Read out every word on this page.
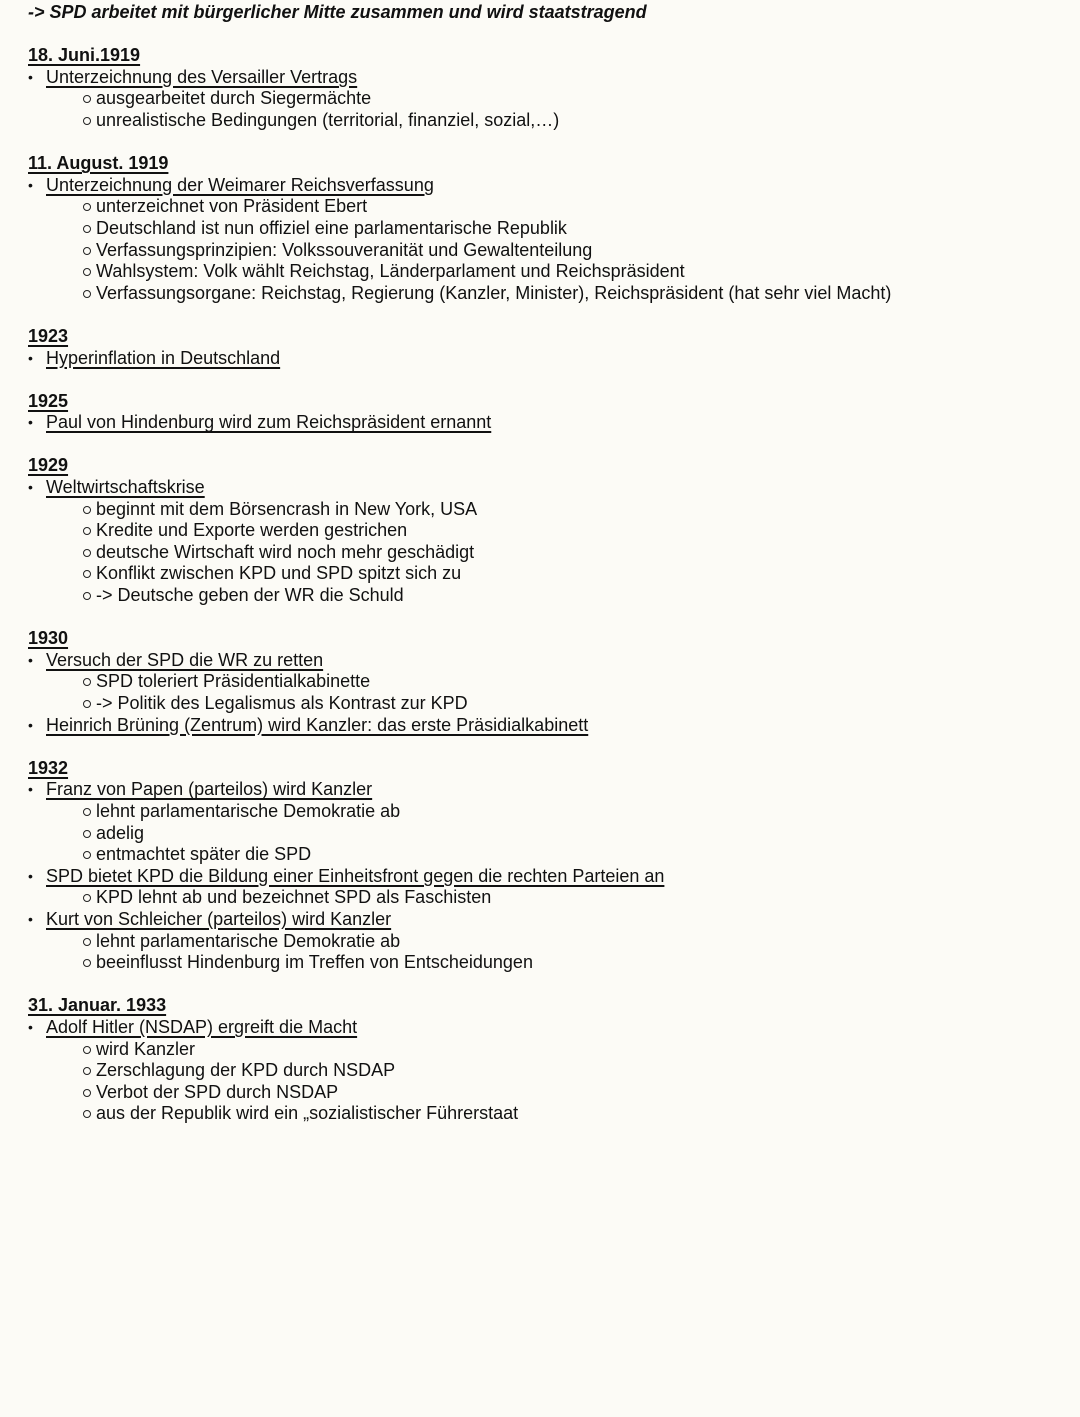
-> SPD arbeitet mit bürgerlicher Mitte zusammen und wird staatstragend
18. Juni.1919
• Unterzeichnung des Versailler Vertrags
ausgearbeitet durch Siegermächte
unrealistische Bedingungen (territorial, finanziel, sozial,…)
11. August. 1919
• Unterzeichnung der Weimarer Reichsverfassung
unterzeichnet von Präsident Ebert
Deutschland ist nun offiziel eine parlamentarische Republik
Verfassungsprinzipien: Volkssouveranität und Gewaltenteilung
Wahlsystem: Volk wählt Reichstag, Länderparlament und Reichspräsident
Verfassungsorgane: Reichstag, Regierung (Kanzler, Minister), Reichspräsident (hat sehr viel Macht)
1923
• Hyperinflation in Deutschland
1925
• Paul von Hindenburg wird zum Reichspräsident ernannt
1929
• Weltwirtschaftskrise
beginnt mit dem Börsencrash in New York, USA
Kredite und Exporte werden gestrichen
deutsche Wirtschaft wird noch mehr geschädigt
Konflikt zwischen KPD und SPD spitzt sich zu
-> Deutsche geben der WR die Schuld
1930
• Versuch der SPD die WR zu retten
SPD toleriert Präsidentialkabinette
-> Politik des Legalismus als Kontrast zur KPD
• Heinrich Brüning (Zentrum) wird Kanzler: das erste Präsidialkabinett
1932
• Franz von Papen (parteilos) wird Kanzler
lehnt parlamentarische Demokratie ab
adelig
entmachtet später die SPD
• SPD bietet KPD die Bildung einer Einheitsfront gegen die rechten Parteien an
KPD lehnt ab und bezeichnet SPD als Faschisten
• Kurt von Schleicher (parteilos) wird Kanzler
lehnt parlamentarische Demokratie ab
beeinflusst Hindenburg im Treffen von Entscheidungen
31. Januar. 1933
• Adolf Hitler (NSDAP) ergreift die Macht
wird Kanzler
Zerschlagung der KPD durch NSDAP
Verbot der SPD durch NSDAP
aus der Republik wird ein „sozialistischer Führerstaat
